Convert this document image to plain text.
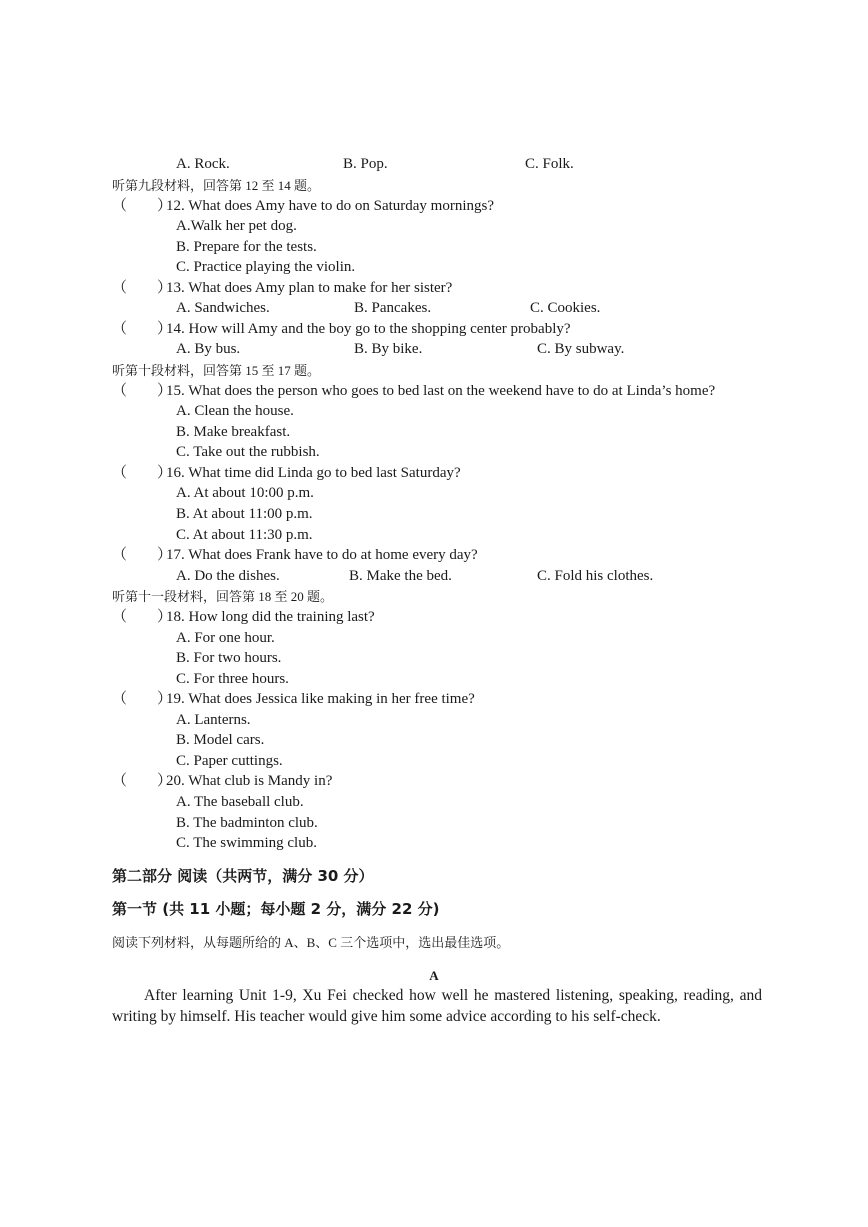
A. Rock.	B. Pop.	C. Folk.
听第九段材料，回答第 12 至 14 题。
（　　）
12. What does Amy have to do on Saturday mornings?
A.Walk her pet dog.
B. Prepare for the tests.
C. Practice playing the violin.
（　　）
13. What does Amy plan to make for her sister?
A. Sandwiches.	B. Pancakes.	C. Cookies.
（　　）
14. How will Amy and the boy go to the shopping center probably?
A. By bus.	B. By bike.	C. By subway.
听第十段材料，回答第 15 至 17 题。
（　　）
15. What does the person who goes to bed last on the weekend have to do at Linda’s home?
A. Clean the house.
B. Make breakfast.
C. Take out the rubbish.
（　　）
16. What time did Linda go to bed last Saturday?
A. At about 10:00 p.m.
B. At about 11:00 p.m.
C. At about 11:30 p.m.
（　　）
17. What does Frank have to do at home every day?
A. Do the dishes.	B. Make the bed.	C. Fold his clothes.
听第十一段材料，回答第 18 至 20 题。
（　　）
18. How long did the training last?
A. For one hour.
B. For two hours.
C. For three hours.
（　　）
19. What does Jessica like making in her free time?
A. Lanterns.
B. Model cars.
C. Paper cuttings.
（　　）
20. What club is Mandy in?
A. The baseball club.
B. The badminton club.
C. The swimming club.
第二部分 阅读（共两节，满分 30 分）
第一节 (共 11 小题；每小题 2 分，满分 22 分)
阅读下列材料，从每题所给的 A、B、C 三个选项中，选出最佳选项。
A
After learning Unit 1-9, Xu Fei checked how well he mastered listening, speaking, reading, and writing by himself. His teacher would give him some advice according to his self-check.
